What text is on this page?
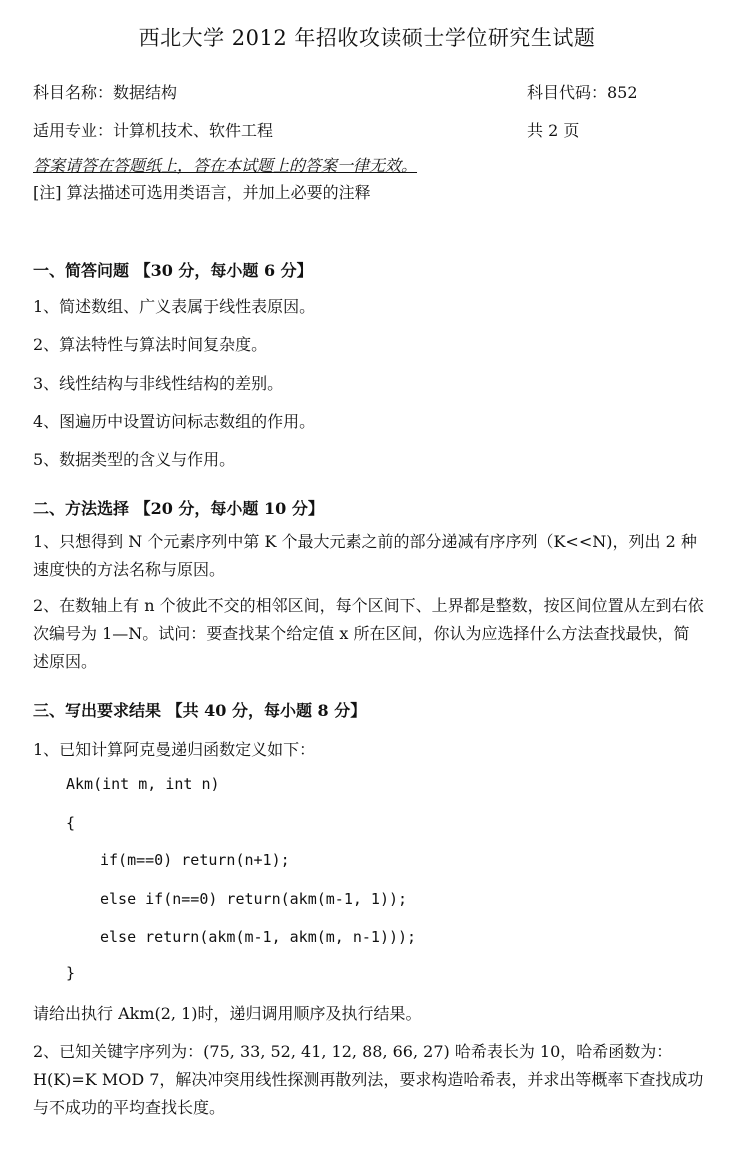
西北大学 2012 年招收攻读硕士学位研究生试题
科目名称：数据结构	科目代码：852
适用专业：计算机技术、软件工程	共 2 页
答案请答在答题纸上，答在本试题上的答案一律无效。
[注] 算法描述可选用类语言，并加上必要的注释
一、简答问题 【30 分，每小题 6 分】
1、简述数组、广义表属于线性表原因。
2、算法特性与算法时间复杂度。
3、线性结构与非线性结构的差别。
4、图遍历中设置访问标志数组的作用。
5、数据类型的含义与作用。
二、方法选择 【20 分，每小题 10 分】
1、只想得到 N 个元素序列中第 K 个最大元素之前的部分递减有序序列（K<<N)，列出 2 种速度快的方法名称与原因。
2、在数轴上有 n 个彼此不交的相邻区间，每个区间下、上界都是整数，按区间位置从左到右依次编号为 1—N。试问：要查找某个给定值 x 所在区间，你认为应选择什么方法查找最快，简述原因。
三、写出要求结果 【共 40 分，每小题 8 分】
1、已知计算阿克曼递归函数定义如下：
Akm(int m, int n)
{
if(m==0) return(n+1);
else if(n==0) return(akm(m-1, 1));
else return(akm(m-1, akm(m, n-1)));
}
请给出执行 Akm(2, 1)时，递归调用顺序及执行结果。
2、已知关键字序列为：(75, 33, 52, 41, 12, 88, 66, 27) 哈希表长为 10，哈希函数为：H(K)=K MOD 7，解决冲突用线性探测再散列法，要求构造哈希表，并求出等概率下查找成功与不成功的平均查找长度。
